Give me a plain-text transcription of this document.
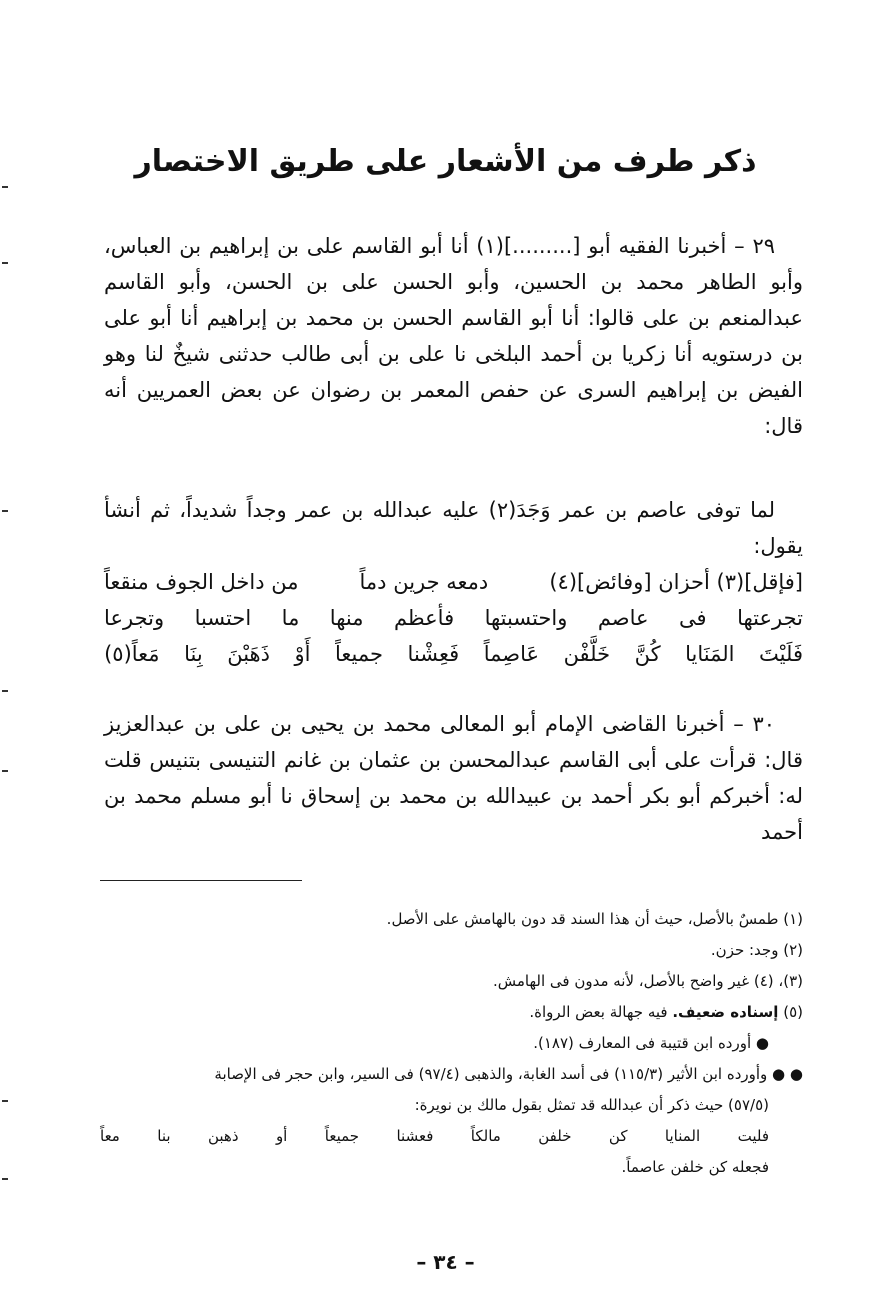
ذكر طرف من الأشعار على طريق الاختصار

٢٩ – أخبرنا الفقيه أبو [.........](١) أنا أبو القاسم على بن إبراهيم بن العباس، وأبو الطاهر محمد بن الحسين، وأبو الحسن على بن الحسن، وأبو القاسم عبدالمنعم بن على قالوا: أنا أبو القاسم الحسن بن محمد بن إبراهيم أنا أبو على بن درستويه أنا زكريا بن أحمد البلخى نا على بن أبى طالب حدثنى شيخٌ لنا وهو الفيض بن إبراهيم السرى عن حفص المعمر بن رضوان عن بعض العمريين أنه قال:

لما توفى عاصم بن عمر وَجَدَ(٢) عليه عبدالله بن عمر وجداً شديداً، ثم أنشأ يقول:

[فإقل](٣) أحزان [وفائض](٤)
دمعه جرين دماً
من داخل الجوف منقعاً
تجرعتها
فى
عاصم
واحتسبتها
فأعظم
منها
ما
احتسبا
وتجرعا
فَلَيْتَ
المَنَايا
كُنَّ
خَلَّفْن
عَاصِماً
فَعِشْنا
جميعاً
أَوْ
ذَهَبْنَ
بِنَا
مَعاً(٥)

٣٠ – أخبرنا القاضى الإمام أبو المعالى محمد بن يحيى بن على بن عبدالعزيز قال: قرأت على أبى القاسم عبدالمحسن بن عثمان بن غانم التنيسى بتنيس قلت له: أخبركم أبو بكر أحمد بن عبيدالله بن محمد بن إسحاق نا أبو مسلم محمد بن أحمد

(١) طمسٌ بالأصل، حيث أن هذا السند قد دون بالهامش على الأصل.
(٢) وجد: حزن.
(٣)، (٤) غير واضح بالأصل، لأنه مدون فى الهامش.
(٥) إسناده ضعيف. فيه جهالة بعض الرواة.
● أورده ابن قتيبة فى المعارف (١٨٧).
● ● وأورده ابن الأثير (١١٥/٣) فى أسد الغابة، والذهبى (٩٧/٤) فى السير، وابن حجر فى الإصابة
(٥٧/٥) حيث ذكر أن عبدالله قد تمثل بقول مالك بن نويرة:
فليت
المنايا
كن
خلفن
مالكاً
فعشنا
جميعاً
أو
ذهبن
بنا
معاً
فجعله كن خلفن عاصماً.
– ٣٤ –
